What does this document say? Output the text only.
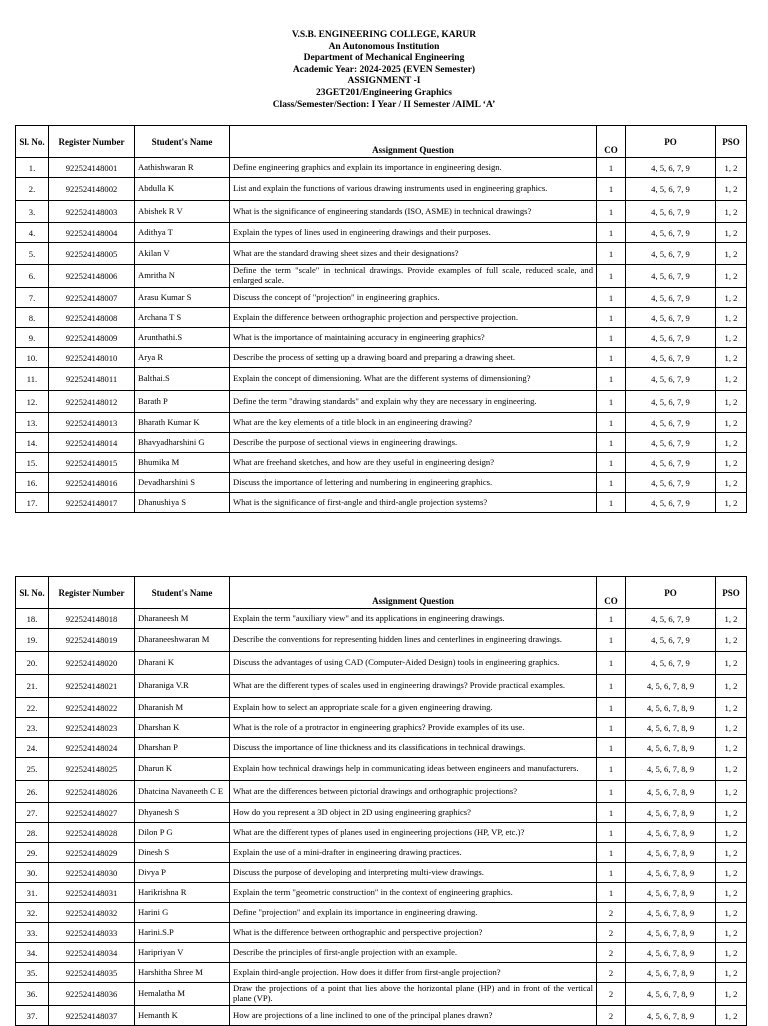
V.S.B. ENGINEERING COLLEGE, KARUR
An Autonomous Institution
Department of Mechanical Engineering
Academic Year: 2024-2025 (EVEN Semester)
ASSIGNMENT -I
23GET201/Engineering Graphics
Class/Semester/Section: I Year / II Semester /AIML ‘A’
Sl. No.	Register Number	Student's Name	Assignment Question	CO	PO	PSO
1.	922524148001	Aathishwaran R	Define engineering graphics and explain its importance in engineering design.	1	4, 5, 6, 7, 9	1, 2
2.	922524148002	Abdulla K	List and explain the functions of various drawing instruments used in engineering graphics.	1	4, 5, 6, 7, 9	1, 2
3.	922524148003	Abishek R V	What is the significance of engineering standards (ISO, ASME) in technical drawings?	1	4, 5, 6, 7, 9	1, 2
4.	922524148004	Adithya T	Explain the types of lines used in engineering drawings and their purposes.	1	4, 5, 6, 7, 9	1, 2
5.	922524148005	Akilan V	What are the standard drawing sheet sizes and their designations?	1	4, 5, 6, 7, 9	1, 2
6.	922524148006	Amritha N	Define the term "scale" in technical drawings. Provide examples of full scale, reduced scale, and enlarged scale.	1	4, 5, 6, 7, 9	1, 2
7.	922524148007	Arasu Kumar S	Discuss the concept of "projection" in engineering graphics.	1	4, 5, 6, 7, 9	1, 2
8.	922524148008	Archana T S	Explain the difference between orthographic projection and perspective projection.	1	4, 5, 6, 7, 9	1, 2
9.	922524148009	Arunthathi.S	What is the importance of maintaining accuracy in engineering graphics?	1	4, 5, 6, 7, 9	1, 2
10.	922524148010	Arya R	Describe the process of setting up a drawing board and preparing a drawing sheet.	1	4, 5, 6, 7, 9	1, 2
11.	922524148011	Balthai.S	Explain the concept of dimensioning. What are the different systems of dimensioning?	1	4, 5, 6, 7, 9	1, 2
12.	922524148012	Barath P	Define the term "drawing standards" and explain why they are necessary in engineering.	1	4, 5, 6, 7, 9	1, 2
13.	922524148013	Bharath Kumar K	What are the key elements of a title block in an engineering drawing?	1	4, 5, 6, 7, 9	1, 2
14.	922524148014	Bhavyadharshini G	Describe the purpose of sectional views in engineering drawings.	1	4, 5, 6, 7, 9	1, 2
15.	922524148015	Bhumika M	What are freehand sketches, and how are they useful in engineering design?	1	4, 5, 6, 7, 9	1, 2
16.	922524148016	Devadharshini S	Discuss the importance of lettering and numbering in engineering graphics.	1	4, 5, 6, 7, 9	1, 2
17.	922524148017	Dhanushiya S	What is the significance of first-angle and third-angle projection systems?	1	4, 5, 6, 7, 9	1, 2
Sl. No.	Register Number	Student's Name	Assignment Question	CO	PO	PSO
18.	922524148018	Dharaneesh M	Explain the term "auxiliary view" and its applications in engineering drawings.	1	4, 5, 6, 7, 9	1, 2
19.	922524148019	Dharaneeshwaran M	Describe the conventions for representing hidden lines and centerlines in engineering drawings.	1	4, 5, 6, 7, 9	1, 2
20.	922524148020	Dharani K	Discuss the advantages of using CAD (Computer-Aided Design) tools in engineering graphics.	1	4, 5, 6, 7, 9	1, 2
21.	922524148021	Dharaniga V.R	What are the different types of scales used in engineering drawings? Provide practical examples.	1	4, 5, 6, 7, 8, 9	1, 2
22.	922524148022	Dharanish M	Explain how to select an appropriate scale for a given engineering drawing.	1	4, 5, 6, 7, 8, 9	1, 2
23.	922524148023	Dharshan K	What is the role of a protractor in engineering graphics? Provide examples of its use.	1	4, 5, 6, 7, 8, 9	1, 2
24.	922524148024	Dharshan P	Discuss the importance of line thickness and its classifications in technical drawings.	1	4, 5, 6, 7, 8, 9	1, 2
25.	922524148025	Dharun K	Explain how technical drawings help in communicating ideas between engineers and manufacturers.	1	4, 5, 6, 7, 8, 9	1, 2
26.	922524148026	Dhatcina Navaneeth C E	What are the differences between pictorial drawings and orthographic projections?	1	4, 5, 6, 7, 8, 9	1, 2
27.	922524148027	Dhyanesh S	How do you represent a 3D object in 2D using engineering graphics?	1	4, 5, 6, 7, 8, 9	1, 2
28.	922524148028	Dilon P G	What are the different types of planes used in engineering projections (HP, VP, etc.)?	1	4, 5, 6, 7, 8, 9	1, 2
29.	922524148029	Dinesh S	Explain the use of a mini-drafter in engineering drawing practices.	1	4, 5, 6, 7, 8, 9	1, 2
30.	922524148030	Divya P	Discuss the purpose of developing and interpreting multi-view drawings.	1	4, 5, 6, 7, 8, 9	1, 2
31.	922524148031	Harikrishna R	Explain the term "geometric construction" in the context of engineering graphics.	1	4, 5, 6, 7, 8, 9	1, 2
32.	922524148032	Harini G	Define "projection" and explain its importance in engineering drawing.	2	4, 5, 6, 7, 8, 9	1, 2
33.	922524148033	Harini.S.P	What is the difference between orthographic and perspective projection?	2	4, 5, 6, 7, 8, 9	1, 2
34.	922524148034	Haripriyan V	Describe the principles of first-angle projection with an example.	2	4, 5, 6, 7, 8, 9	1, 2
35.	922524148035	Harshitha Shree M	Explain third-angle projection. How does it differ from first-angle projection?	2	4, 5, 6, 7, 8, 9	1, 2
36.	922524148036	Hemalatha M	Draw the projections of a point that lies above the horizontal plane (HP) and in front of the vertical plane (VP).	2	4, 5, 6, 7, 8, 9	1, 2
37.	922524148037	Hemanth K	How are projections of a line inclined to one of the principal planes drawn?	2	4, 5, 6, 7, 8, 9	1, 2
